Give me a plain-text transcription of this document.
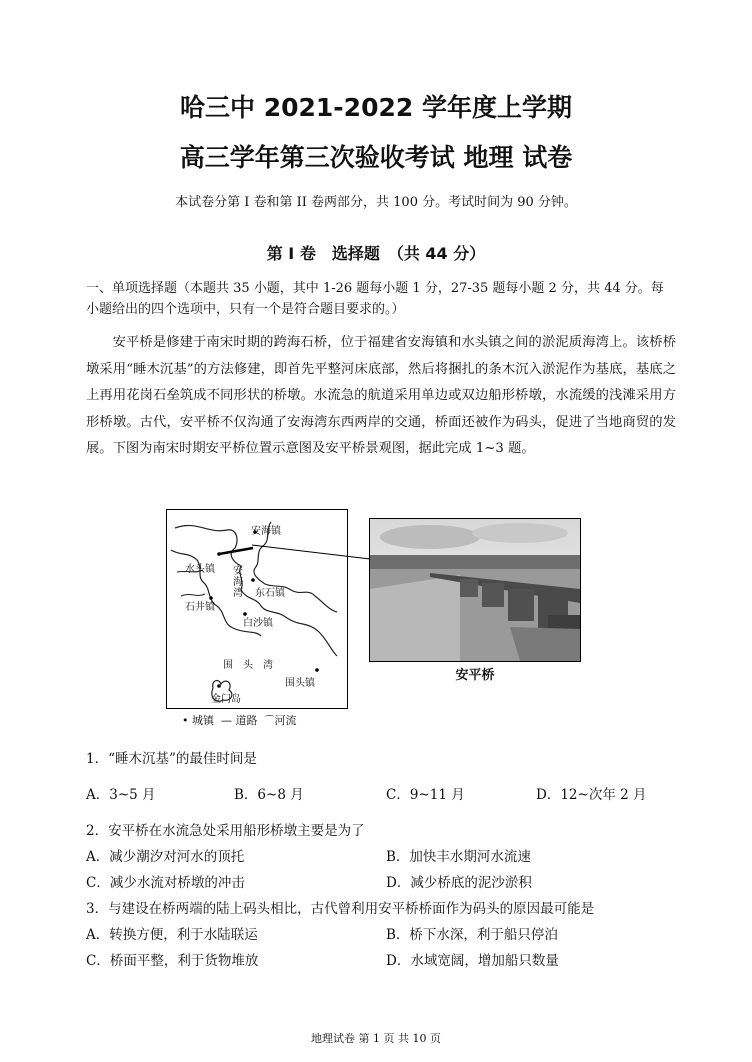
哈三中 2021-2022 学年度上学期
高三学年第三次验收考试 地理 试卷
本试卷分第 I 卷和第 II 卷两部分，共 100 分。考试时间为 90 分钟。
第 I 卷　选择题　（共 44 分）
一、单项选择题（本题共 35 小题，其中 1-26 题每小题 1 分，27-35 题每小题 2 分，共 44 分。每小题给出的四个选项中，只有一个是符合题目要求的。）
安平桥是修建于南宋时期的跨海石桥，位于福建省安海镇和水头镇之间的淤泥质海湾上。该桥桥墩采用“睡木沉基”的方法修建，即首先平整河床底部，然后将捆扎的条木沉入淤泥作为基底，基底之上再用花岗石垒筑成不同形状的桥墩。水流急的航道采用单边或双边船形桥墩，水流缓的浅滩采用方形桥墩。古代，安平桥不仅沟通了安海湾东西两岸的交通，桥面还被作为码头，促进了当地商贸的发展。下图为南宋时期安平桥位置示意图及安平桥景观图，据此完成 1~3 题。
安海镇
水头镇 安
海
湾 东石镇
石井镇
白沙镇
围　头　湾
围头镇
金门岛
• 城镇 — 道路 ⌒河流
安平桥
1．“睡木沉基”的最佳时间是
A．3~5 月	B．6~8 月	C．9~11 月	D．12~次年 2 月
2．安平桥在水流急处采用船形桥墩主要是为了
A．减少潮汐对河水的顶托	B．加快丰水期河水流速
C．减少水流对桥墩的冲击	D．减少桥底的泥沙淤积
3．与建设在桥两端的陆上码头相比，古代曾利用安平桥桥面作为码头的原因最可能是
A．转换方便，利于水陆联运	B．桥下水深，利于船只停泊
C．桥面平整，利于货物堆放	D．水域宽阔，增加船只数量
地理试卷 第 1 页 共 10 页
